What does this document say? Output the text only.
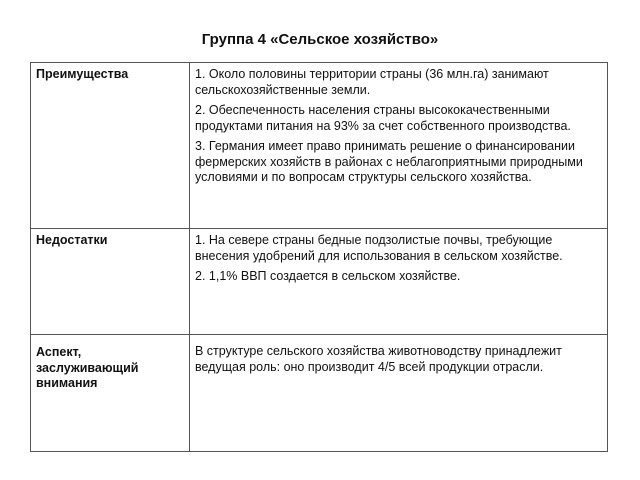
Группа 4 «Сельское хозяйство»
Преимущества	1. Около половины территории страны (36 млн.га) занимают сельскохозяйственные земли.

2. Обеспеченность населения страны высококачественными продуктами питания на 93% за счет собственного производства.

3. Германия имеет право принимать решение о финансировании фермерских хозяйств в районах с неблагоприятными природными условиями и по вопросам структуры сельского хозяйства.

Недостатки	1. На севере страны бедные подзолистые почвы, требующие внесения удобрений для использования в сельском хозяйстве.

2. 1,1% ВВП создается в сельском хозяйстве.

Аспект, заслуживающий внимания	В структуре сельского хозяйства животноводству принадлежит ведущая роль: оно производит 4/5 всей продукции отрасли.
